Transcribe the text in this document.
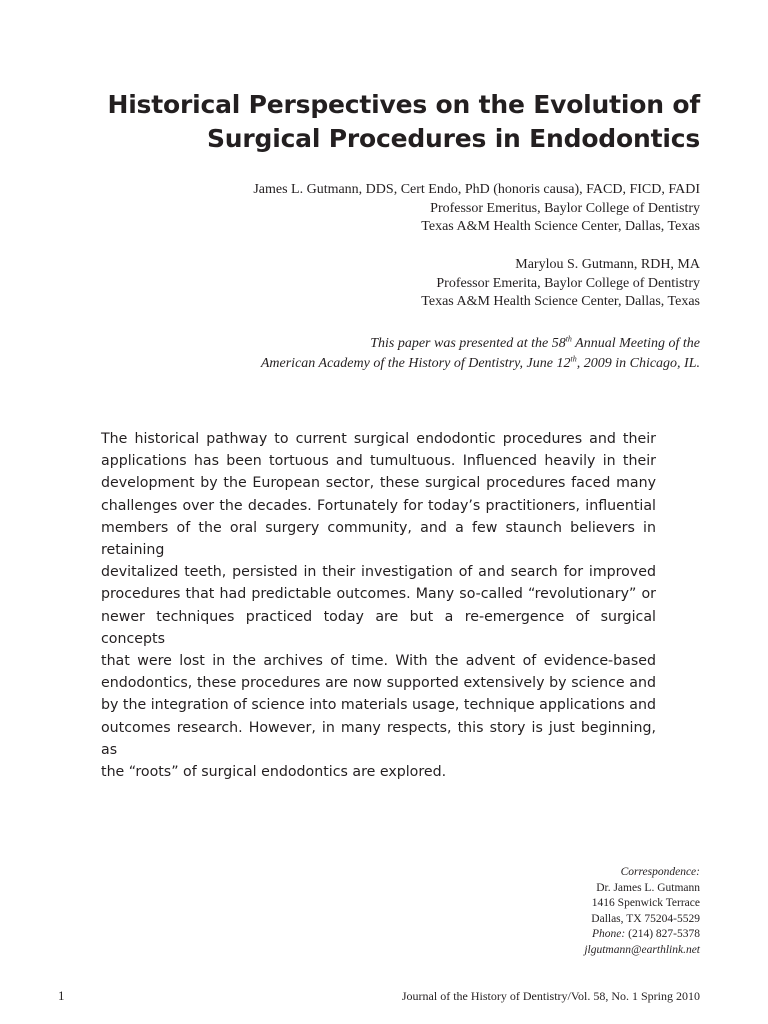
Historical Perspectives on the Evolution of
Surgical Procedures in Endodontics
James L. Gutmann, DDS, Cert Endo, PhD (honoris causa), FACD, FICD, FADI
Professor Emeritus, Baylor College of Dentistry
Texas A&M Health Science Center, Dallas, Texas
Marylou S. Gutmann, RDH, MA
Professor Emerita, Baylor College of Dentistry
Texas A&M Health Science Center, Dallas, Texas
This paper was presented at the 58th Annual Meeting of the
American Academy of the History of Dentistry, June 12th, 2009 in Chicago, IL.

The historical pathway to current surgical endodontic procedures and their
applications has been tortuous and tumultuous. Influenced heavily in their
development by the European sector, these surgical procedures faced many
challenges over the decades. Fortunately for today’s practitioners, influential
members of the oral surgery community, and a few staunch believers in retaining
devitalized teeth, persisted in their investigation of and search for improved
procedures that had predictable outcomes. Many so-called “revolutionary” or
newer techniques practiced today are but a re-emergence of surgical concepts
that were lost in the archives of time. With the advent of evidence-based
endodontics, these procedures are now supported extensively by science and
by the integration of science into materials usage, technique applications and
outcomes research. However, in many respects, this story is just beginning, as
the “roots” of surgical endodontics are explored.

Correspondence:
Dr. James L. Gutmann
1416 Spenwick Terrace
Dallas, TX 75204-5529
Phone: (214) 827-5378
jlgutmann@earthlink.net
1	Journal of the History of Dentistry/Vol. 58, No. 1 Spring 2010
